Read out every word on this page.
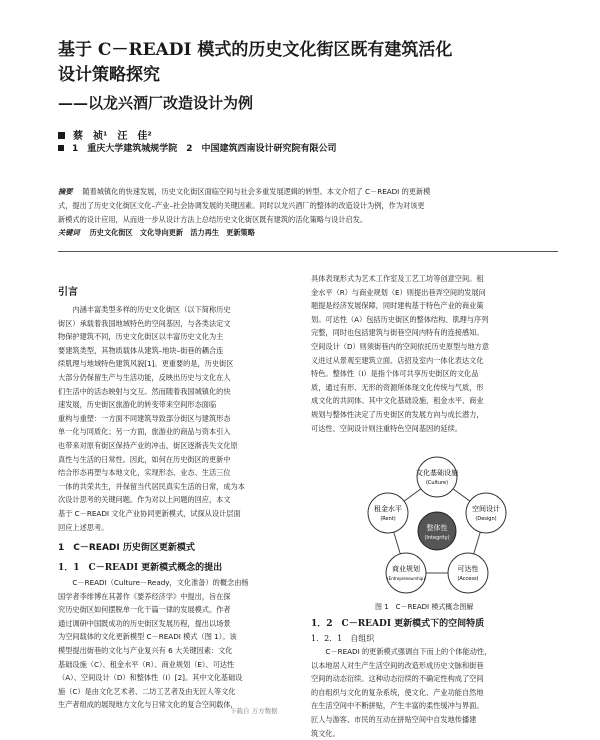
基于 C－READI 模式的历史文化街区既有建筑活化
设计策略探究
——以龙兴酒厂改造设计为例
蔡　祯¹　汪　佳²
1　重庆大学建筑城规学院　2　中国建筑西南设计研究院有限公司
摘要 随着城镇化的快速发展，历史文化街区面临空间与社会多重发展逻辑的转型。本文介绍了 C－READI 的更新模
式，提出了历史文化街区文化–产业–社会协调发展的关键因素。同时以龙兴酒厂的整体的改造设计为例，作为对该更
新模式的设计应用，从而进一步从设计方法上总结历史文化街区既有建筑的活化策略与设计启发。
关键词 历史文化街区　文化导向更新　活力再生　更新策略
引言
　　内涵丰富类型多样的历史文化街区（以下简称历史
街区）承载着我国地域特色的空间基因，与各类法定文
物保护建筑不同，历史文化街区以丰富历史文化为主
要建筑类型，其物质载体从建筑–地块–街巷的耦合连
续肌理与地域特色建筑风貌[1]。更重要的是，历史街区
大部分仍保留生产与生活功能，反映出历史与文化在人
们生活中的活态映射与交互。然而随着我国城镇化的快
速发展，历史街区旅游化的转变带来空间形态面临
重构与重塑：一方面不同建筑导致部分街区与建筑形态
单一化与同质化；另一方面，旅游业的商品与资本引入
也带来对原有街区保持产业的冲击，街区逐渐丧失文化原
真性与生活的日常性。因此，如何在历史街区的更新中
结合形态再塑与本地文化，实现形态、业态、生活三位
一体的共荣共生，并保留当代居民真实生活的日常，成为本
次设计思考的关键问题。作为对以上问题的回应，本文
基于 C－READI 文化产业协同更新模式，试探从设计层面
回应上述思考。
1　C－READI 历史街区更新模式
1．1　C－READI 更新模式概念的提出
　　C－READI（Culture－Ready，文化准备）的概念由杨
国学者李绯博在其著作《要养经济学》中提出，旨在探
究历史街区如何摆脱单一化干篇一律的发展模式。作者
通过调研中国既成功的历史街区发展历程，提出以场景
为空间载体的文化更新模型 C－READI 模式（图 1）。该
模型提出街巷的文化与产业复兴有 6 大关键因素：文化
基础设施（C）、租金水平（R）、商业规划（E）、可达性
（A）、空间设计（D）和整体性（I）[2]。其中文化基础设
施（C）是由文化艺术者、二坊工艺者及由无匠人等文化
生产者组成的展现地方文化与日常文化的复合空间载体，
具体表现形式为艺术工作室及工艺工坊等创意空间。租
金水平（R）与商业规划（E）则提出巷弄空间的发展问
题提是经济发展保障，同时建构基于特色产业的商业策
划。可达性（A）包括历史街区的整体结构、肌理与序列
完整，同时也包括建筑与街巷空间内特有的连接感知。
空间设计（D）则须街巷内的空间依托历史原型与地方意
义进过从景观至建筑立面、店招及室内一体化表达文化
特色。整体性（I）是指个体可共享历史街区的文化品
质，通过有形、无形的资源所体现文化传统与气质，形
成文化的共同体。其中文化基础设施、租金水平、商业
规划与整体性决定了历史街区的发展方向与成长潜力，
可达性、空间设计则注重特色空间基因的延续。
文化基础设施
(Culture)
空间设计
(Design)
可达性
(Access)
商业规划
(Entrepreneurship)
租金水平
(Rent)
整体性
(Integrity)
图 1　C－READI 模式概念图解
1．2　C－READI 更新模式下的空间特质
1．2．1　自组织
　　C－READI 的更新模式强调自下而上的个体能动性，
以本地居人对生产生活空间的改造形成历史文脉和街巷
空间的动态衍续。这种动态衍续的不确定性构成了空间
的自组织与文化的复杂系统，使文化、产业功能自然地
在生活空间中不断拼贴，产生丰富的柔性缓冲与界面。
匠人与游客、市民的互动在拼贴空间中自发地传播建
筑文化。
下载自 万方数据
